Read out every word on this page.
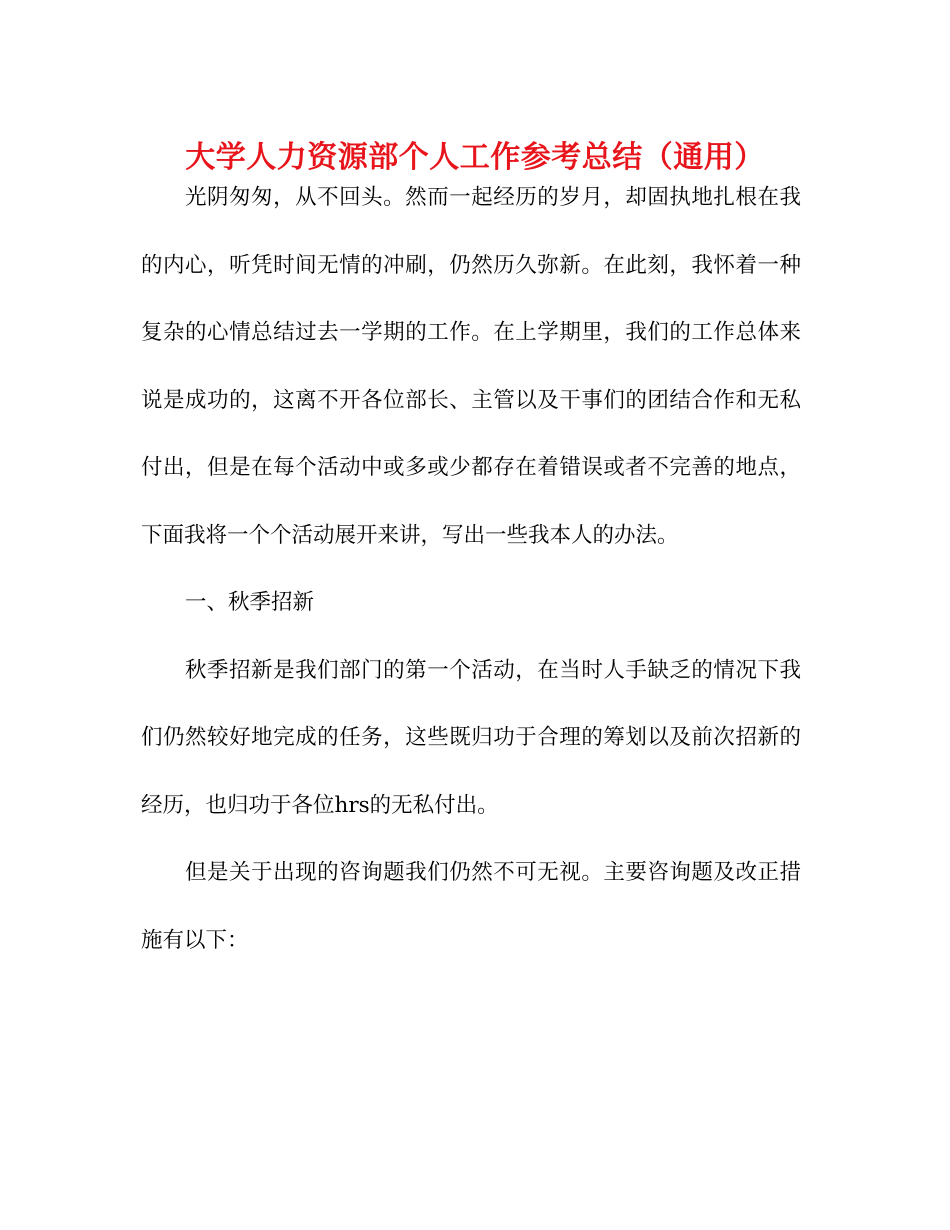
大学人力资源部个人工作参考总结（通用）

光阴匆匆，从不回头。然而一起经历的岁月，却固执地扎根在我的内心，听凭时间无情的冲刷，仍然历久弥新。在此刻，我怀着一种复杂的心情总结过去一学期的工作。在上学期里，我们的工作总体来说是成功的，这离不开各位部长、主管以及干事们的团结合作和无私付出，但是在每个活动中或多或少都存在着错误或者不完善的地点，下面我将一个个活动展开来讲，写出一些我本人的办法。

一、秋季招新

秋季招新是我们部门的第一个活动，在当时人手缺乏的情况下我们仍然较好地完成的任务，这些既归功于合理的筹划以及前次招新的经历，也归功于各位hrs的无私付出。

但是关于出现的咨询题我们仍然不可无视。主要咨询题及改正措施有以下：
